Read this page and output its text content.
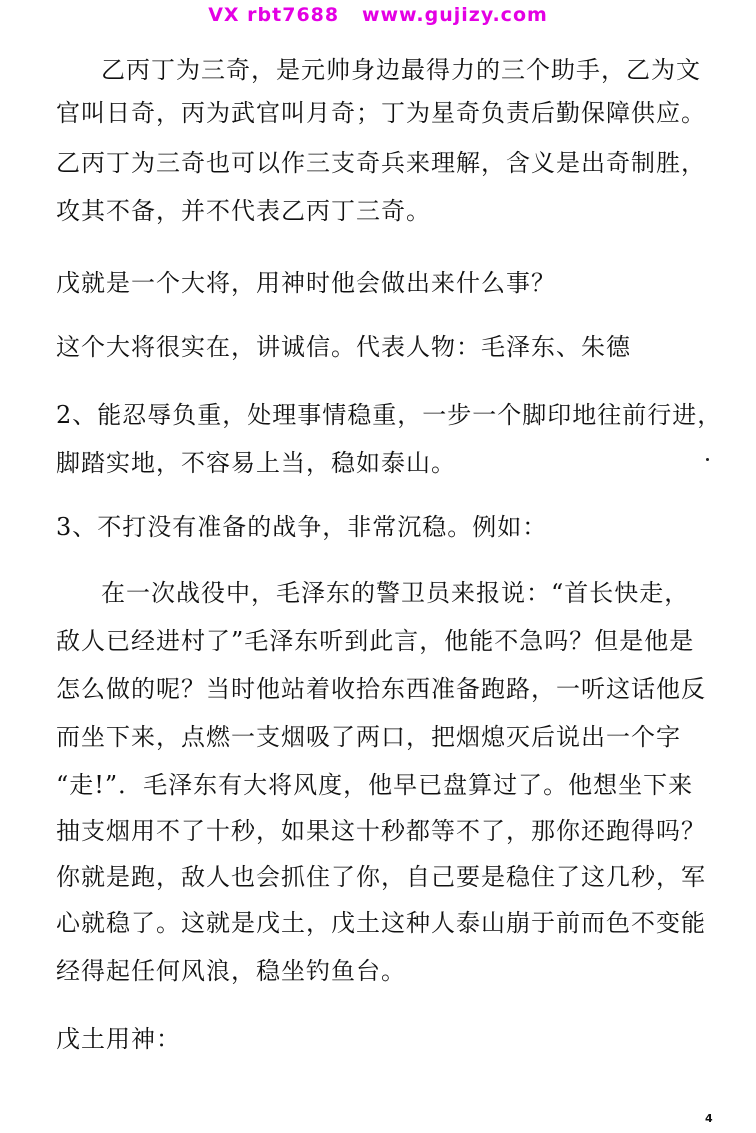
VX rbt7688   www.gujizy.com
乙丙丁为三奇，是元帅身边最得力的三个助手，乙为文
官叫日奇，丙为武官叫月奇；丁为星奇负责后勤保障供应。
乙丙丁为三奇也可以作三支奇兵来理解，含义是出奇制胜，
攻其不备，并不代表乙丙丁三奇。
戊就是一个大将，用神时他会做出来什么事？
这个大将很实在，讲诚信。代表人物：毛泽东、朱德
2、能忍辱负重，处理事情稳重，一步一个脚印地往前行进，
脚踏实地，不容易上当，稳如泰山。
3、不打没有准备的战争，非常沉稳。例如：
在一次战役中，毛泽东的警卫员来报说：“首长快走，
敌人已经进村了”毛泽东听到此言，他能不急吗？但是他是
怎么做的呢？当时他站着收拾东西准备跑路，一听这话他反
而坐下来，点燃一支烟吸了两口，把烟熄灭后说出一个字
“走!”．毛泽东有大将风度，他早已盘算过了。他想坐下来
抽支烟用不了十秒，如果这十秒都等不了，那你还跑得吗？
你就是跑，敌人也会抓住了你，自己要是稳住了这几秒，军
心就稳了。这就是戊土，戊土这种人泰山崩于前而色不变能
经得起任何风浪，稳坐钓鱼台。
戊土用神：
4
